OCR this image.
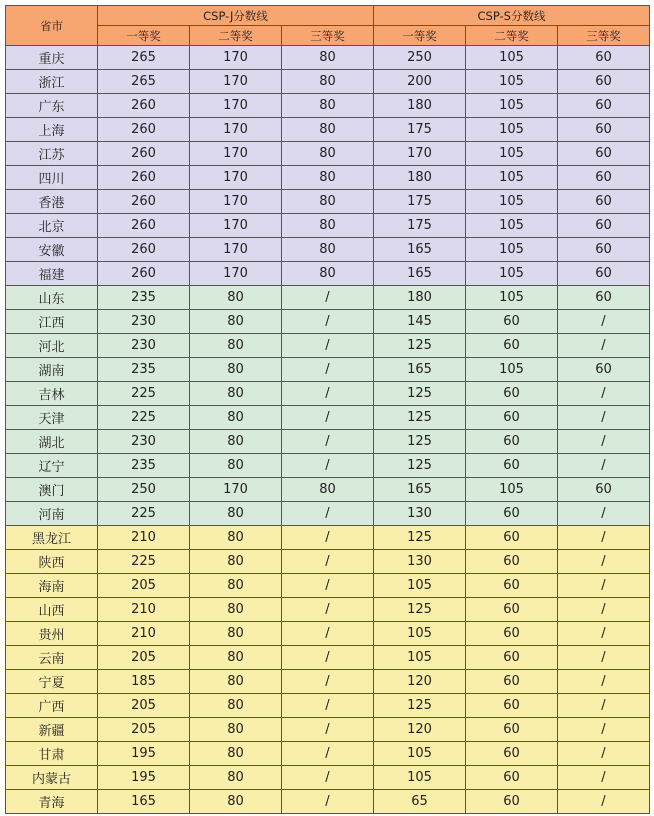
省市	CSP-J分数线			CSP-S分数线		
	一等奖	二等奖	三等奖	一等奖	二等奖	三等奖
重庆	265	170	80	250	105	60
浙江	265	170	80	200	105	60
广东	260	170	80	180	105	60
上海	260	170	80	175	105	60
江苏	260	170	80	170	105	60
四川	260	170	80	180	105	60
香港	260	170	80	175	105	60
北京	260	170	80	175	105	60
安徽	260	170	80	165	105	60
福建	260	170	80	165	105	60
山东	235	80	/	180	105	60
江西	230	80	/	145	60	/
河北	230	80	/	125	60	/
湖南	235	80	/	165	105	60
吉林	225	80	/	125	60	/
天津	225	80	/	125	60	/
湖北	230	80	/	125	60	/
辽宁	235	80	/	125	60	/
澳门	250	170	80	165	105	60
河南	225	80	/	130	60	/
黑龙江	210	80	/	125	60	/
陕西	225	80	/	130	60	/
海南	205	80	/	105	60	/
山西	210	80	/	125	60	/
贵州	210	80	/	105	60	/
云南	205	80	/	105	60	/
宁夏	185	80	/	120	60	/
广西	205	80	/	125	60	/
新疆	205	80	/	120	60	/
甘肃	195	80	/	105	60	/
内蒙古	195	80	/	105	60	/
青海	165	80	/	65	60	/
